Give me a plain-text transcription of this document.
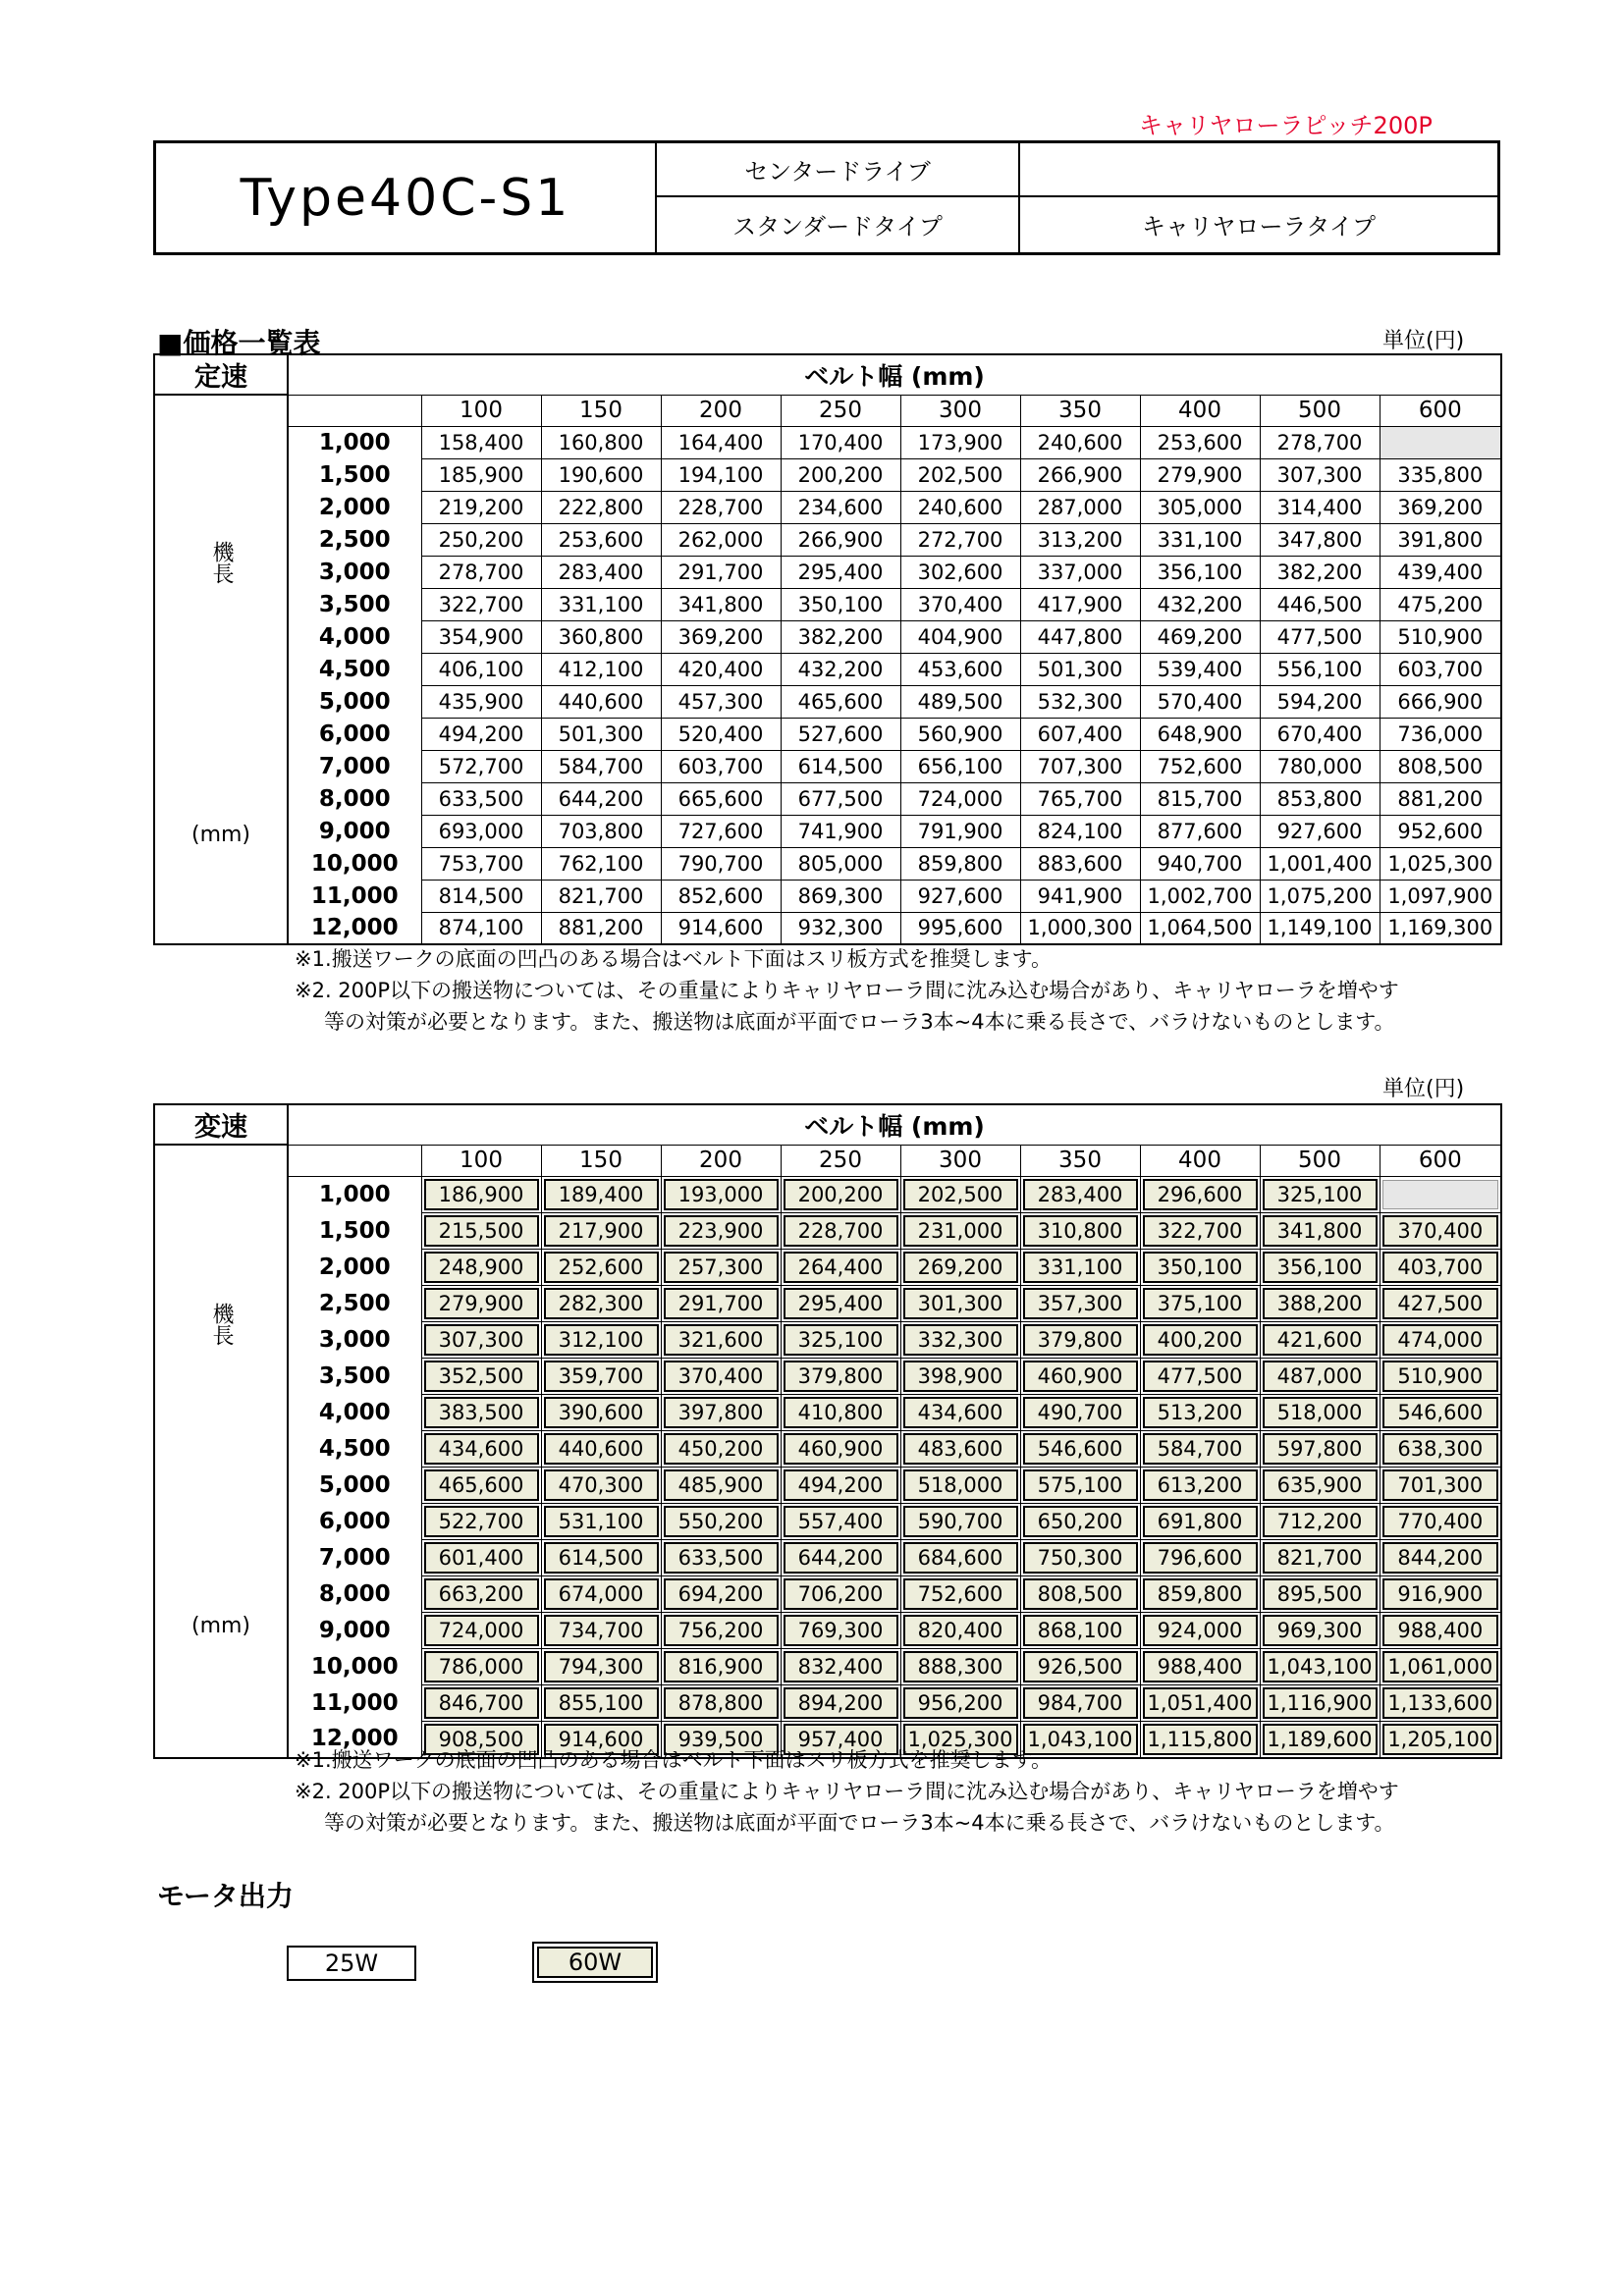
キャリヤローラピッチ200P
Type40C-S1	センタードライブ
スタンダードタイプ	キャリヤローラタイプ
■価格一覧表	単位(円)
定速	ベルト幅 (mm)									

機長
(mm)		100	150	200	250	300	350	400	500	600
	1,000	158,400	160,800	164,400	170,400	173,900	240,600	253,600	278,700	
	1,500	185,900	190,600	194,100	200,200	202,500	266,900	279,900	307,300	335,800
	2,000	219,200	222,800	228,700	234,600	240,600	287,000	305,000	314,400	369,200
	2,500	250,200	253,600	262,000	266,900	272,700	313,200	331,100	347,800	391,800
	3,000	278,700	283,400	291,700	295,400	302,600	337,000	356,100	382,200	439,400
	3,500	322,700	331,100	341,800	350,100	370,400	417,900	432,200	446,500	475,200
	4,000	354,900	360,800	369,200	382,200	404,900	447,800	469,200	477,500	510,900
	4,500	406,100	412,100	420,400	432,200	453,600	501,300	539,400	556,100	603,700
	5,000	435,900	440,600	457,300	465,600	489,500	532,300	570,400	594,200	666,900
	6,000	494,200	501,300	520,400	527,600	560,900	607,400	648,900	670,400	736,000
	7,000	572,700	584,700	603,700	614,500	656,100	707,300	752,600	780,000	808,500
	8,000	633,500	644,200	665,600	677,500	724,000	765,700	815,700	853,800	881,200
	9,000	693,000	703,800	727,600	741,900	791,900	824,100	877,600	927,600	952,600
	10,000	753,700	762,100	790,700	805,000	859,800	883,600	940,700	1,001,400	1,025,300
	11,000	814,500	821,700	852,600	869,300	927,600	941,900	1,002,700	1,075,200	1,097,900
	12,000	874,100	881,200	914,600	932,300	995,600	1,000,300	1,064,500	1,149,100	1,169,300
※1.搬送ワークの底面の凹凸のある場合はベルト下面はスリ板方式を推奨します。
※2. 200P以下の搬送物については、その重量によりキャリヤローラ間に沈み込む場合があり、キャリヤローラを増やす
等の対策が必要となります。また、搬送物は底面が平面でローラ3本~4本に乗る長さで、バラけないものとします。
単位(円)
変速	ベルト幅 (mm)									

機長
(mm)		100	150	200	250	300	350	400	500	600
	1,000	186,900	189,400	193,000	200,200	202,500	283,400	296,600	325,100	

	1,500	215,500	217,900	223,900	228,700	231,000	310,800	322,700	341,800	370,400

	2,000	248,900	252,600	257,300	264,400	269,200	331,100	350,100	356,100	403,700

	2,500	279,900	282,300	291,700	295,400	301,300	357,300	375,100	388,200	427,500

	3,000	307,300	312,100	321,600	325,100	332,300	379,800	400,200	421,600	474,000

	3,500	352,500	359,700	370,400	379,800	398,900	460,900	477,500	487,000	510,900

	4,000	383,500	390,600	397,800	410,800	434,600	490,700	513,200	518,000	546,600

	4,500	434,600	440,600	450,200	460,900	483,600	546,600	584,700	597,800	638,300

	5,000	465,600	470,300	485,900	494,200	518,000	575,100	613,200	635,900	701,300

	6,000	522,700	531,100	550,200	557,400	590,700	650,200	691,800	712,200	770,400

	7,000	601,400	614,500	633,500	644,200	684,600	750,300	796,600	821,700	844,200

	8,000	663,200	674,000	694,200	706,200	752,600	808,500	859,800	895,500	916,900

	9,000	724,000	734,700	756,200	769,300	820,400	868,100	924,000	969,300	988,400

	10,000	786,000	794,300	816,900	832,400	888,300	926,500	988,400	1,043,100	1,061,000

	11,000	846,700	855,100	878,800	894,200	956,200	984,700	1,051,400	1,116,900	1,133,600

	12,000	908,500	914,600	939,500	957,400	1,025,300	1,043,100	1,115,800	1,189,600	1,205,100
※1.搬送ワークの底面の凹凸のある場合はベルト下面はスリ板方式を推奨します。
※2. 200P以下の搬送物については、その重量によりキャリヤローラ間に沈み込む場合があり、キャリヤローラを増やす
等の対策が必要となります。また、搬送物は底面が平面でローラ3本~4本に乗る長さで、バラけないものとします。
モータ出力
25W	60W
